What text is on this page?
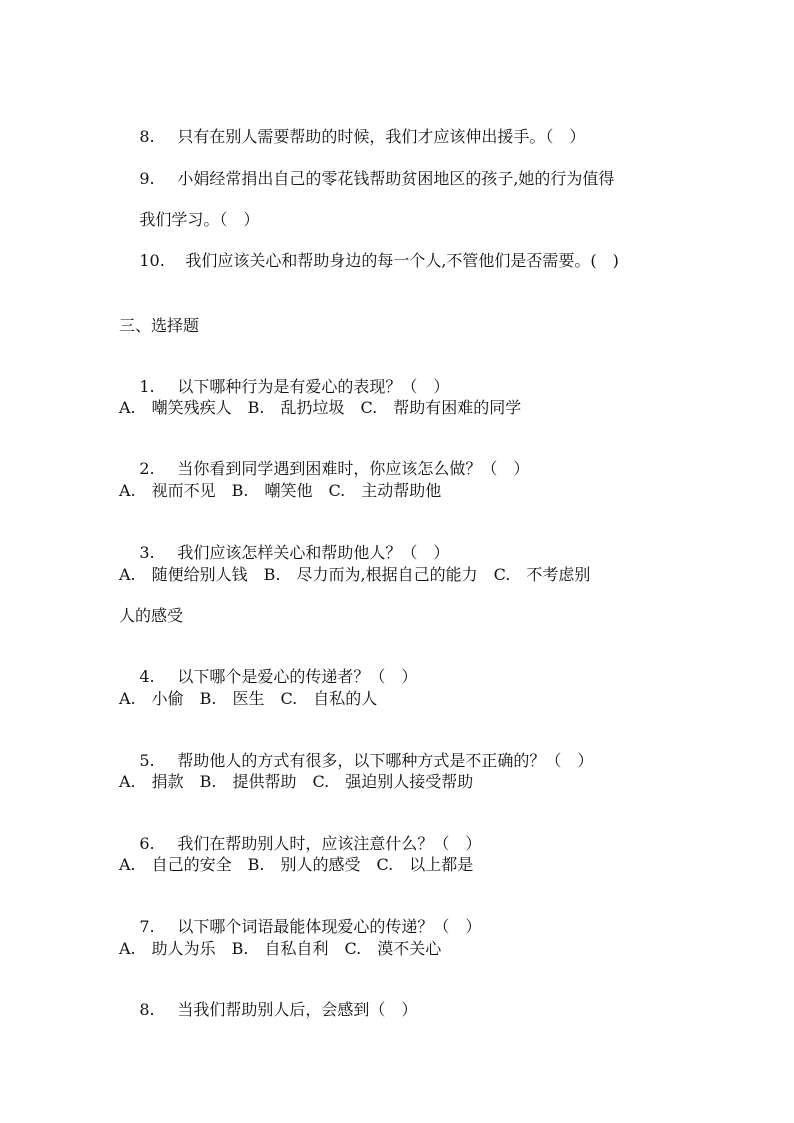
8. 只有在别人需要帮助的时候，我们才应该伸出援手。（　）

9. 小娟经常捐出自己的零花钱帮助贫困地区的孩子,她的行为值得

我们学习。（　）

10. 我们应该关心和帮助身边的每一个人,不管他们是否需要。(　)

三、选择题

1. 以下哪种行为是有爱心的表现？（　）

A.　嘲笑残疾人　B.　乱扔垃圾　C.　帮助有困难的同学

2. 当你看到同学遇到困难时，你应该怎么做？（　）

A.　视而不见　B.　嘲笑他　C.　主动帮助他

3. 我们应该怎样关心和帮助他人？（　）

A.　随便给别人钱　B.　尽力而为,根据自己的能力　C.　不考虑别
人的感受

4. 以下哪个是爱心的传递者？（　）

A.　小偷　B.　医生　C.　自私的人

5. 帮助他人的方式有很多，以下哪种方式是不正确的？（　）

A.　捐款　B.　提供帮助　C.　强迫别人接受帮助

6. 我们在帮助别人时，应该注意什么？（　）

A.　自己的安全　B.　别人的感受　C.　以上都是

7. 以下哪个词语最能体现爱心的传递？（　）

A.　助人为乐　B.　自私自利　C.　漠不关心

8. 当我们帮助别人后，会感到（　）
